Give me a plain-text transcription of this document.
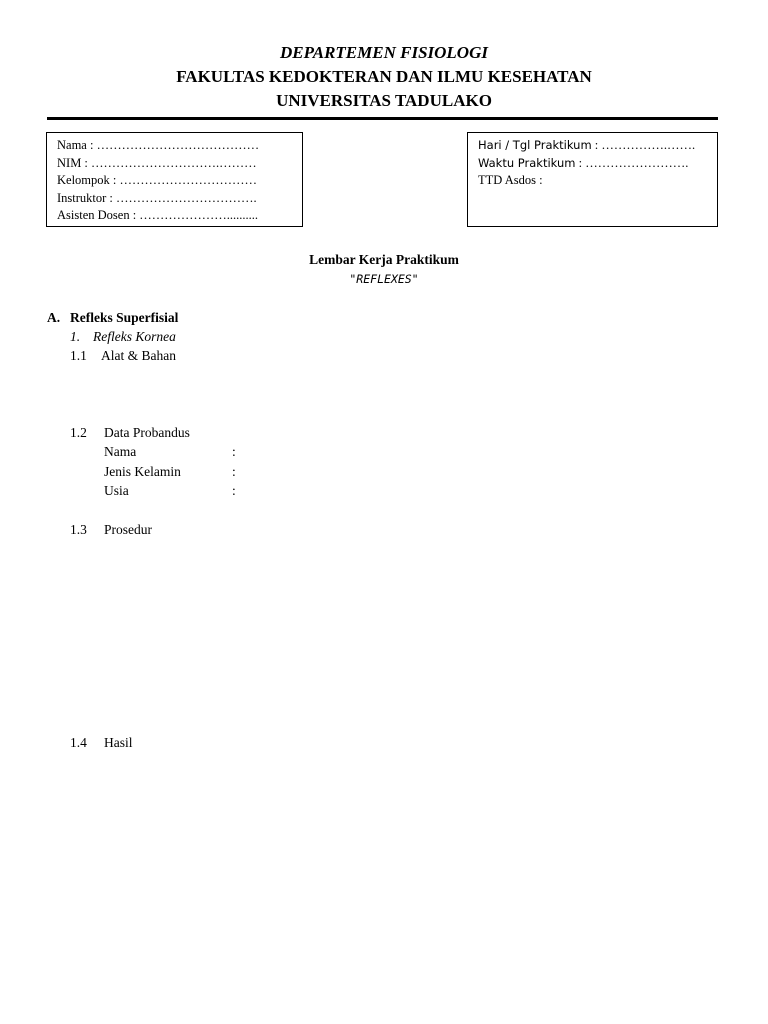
DEPARTEMEN FISIOLOGI
FAKULTAS KEDOKTERAN DAN ILMU KESEHATAN
UNIVERSITAS TADULAKO
Nama : …………………………………
NIM : ………………………….………
Kelompok : ……………………………
Instruktor : …………………………….
Asisten Dosen : …………………..........
Hari / Tgl Praktikum : …………….…….
Waktu Praktikum : …………………….
TTD Asdos :
Lembar Kerja Praktikum
"REFLEXES"
A. Refleks Superfisial
1. Refleks Kornea
1.1 Alat & Bahan
1.2 Data Probandus
Nama	:
Jenis Kelamin	:
Usia	:
1.3 Prosedur
1.4 Hasil
